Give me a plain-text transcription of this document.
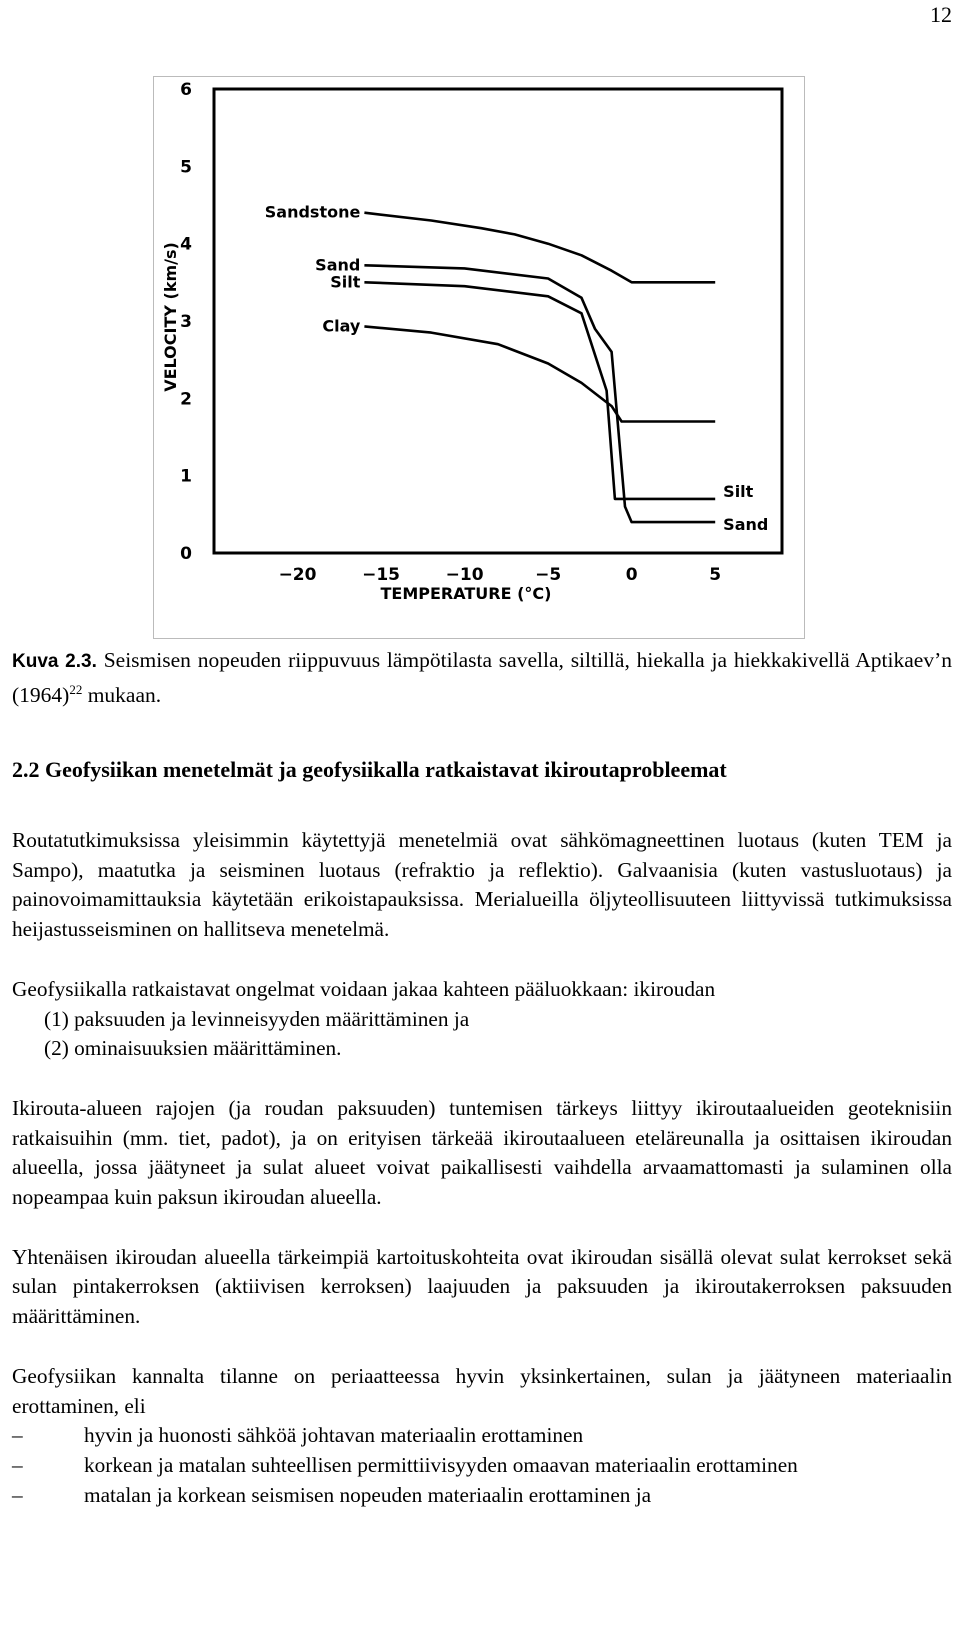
12
0
1
2
3
4
5
6
−20	−15	−10	−5	0	5
Sandstone
Sand
Sand
Silt
Silt
Clay
VELOCITY (km/s)
TEMPERATURE (°C)
Kuva 2.3. Seismisen nopeuden riippuvuus lämpötilasta savella, siltillä, hiekalla ja hiekkakivellä Aptikaev’n $(1964)^{22}$ mukaan.
2.2 Geofysiikan menetelmät ja geofysiikalla ratkaistavat ikiroutaprobleemat

Routatutkimuksissa yleisimmin käytettyjä menetelmiä ovat sähkömagneettinen luotaus (kuten TEM ja Sampo), maatutka ja seisminen luotaus (refraktio ja reflektio). Galvaanisia (kuten vastusluotaus) ja painovoimamittauksia käytetään erikoistapauksissa. Merialueilla öljyteollisuuteen liittyvissä tutkimuksissa heijastusseisminen on hallitseva menetelmä.

Geofysiikalla ratkaistavat ongelmat voidaan jakaa kahteen pääluokkaan: ikiroudan
(1) paksuuden ja levinneisyyden määrittäminen ja
(2) ominaisuuksien määrittäminen.

Ikirouta-alueen rajojen (ja roudan paksuuden) tuntemisen tärkeys liittyy ikiroutaalueiden geoteknisiin ratkaisuihin (mm. tiet, padot), ja on erityisen tärkeää ikiroutaalueen eteläreunalla ja osittaisen ikiroudan alueella, jossa jäätyneet ja sulat alueet voivat paikallisesti vaihdella arvaamattomasti ja sulaminen olla nopeampaa kuin paksun ikiroudan alueella.

Yhtenäisen ikiroudan alueella tärkeimpiä kartoituskohteita ovat ikiroudan sisällä olevat sulat kerrokset sekä sulan pintakerroksen (aktiivisen kerroksen) laajuuden ja paksuuden ja ikiroutakerroksen paksuuden määrittäminen.

Geofysiikan kannalta tilanne on periaatteessa hyvin yksinkertainen, sulan ja jäätyneen materiaalin erottaminen, eli

–	hyvin ja huonosti sähköä johtavan materiaalin erottaminen
–	korkean ja matalan suhteellisen permittiivisyyden omaavan materiaalin erottaminen
–	matalan ja korkean seismisen nopeuden materiaalin erottaminen ja
